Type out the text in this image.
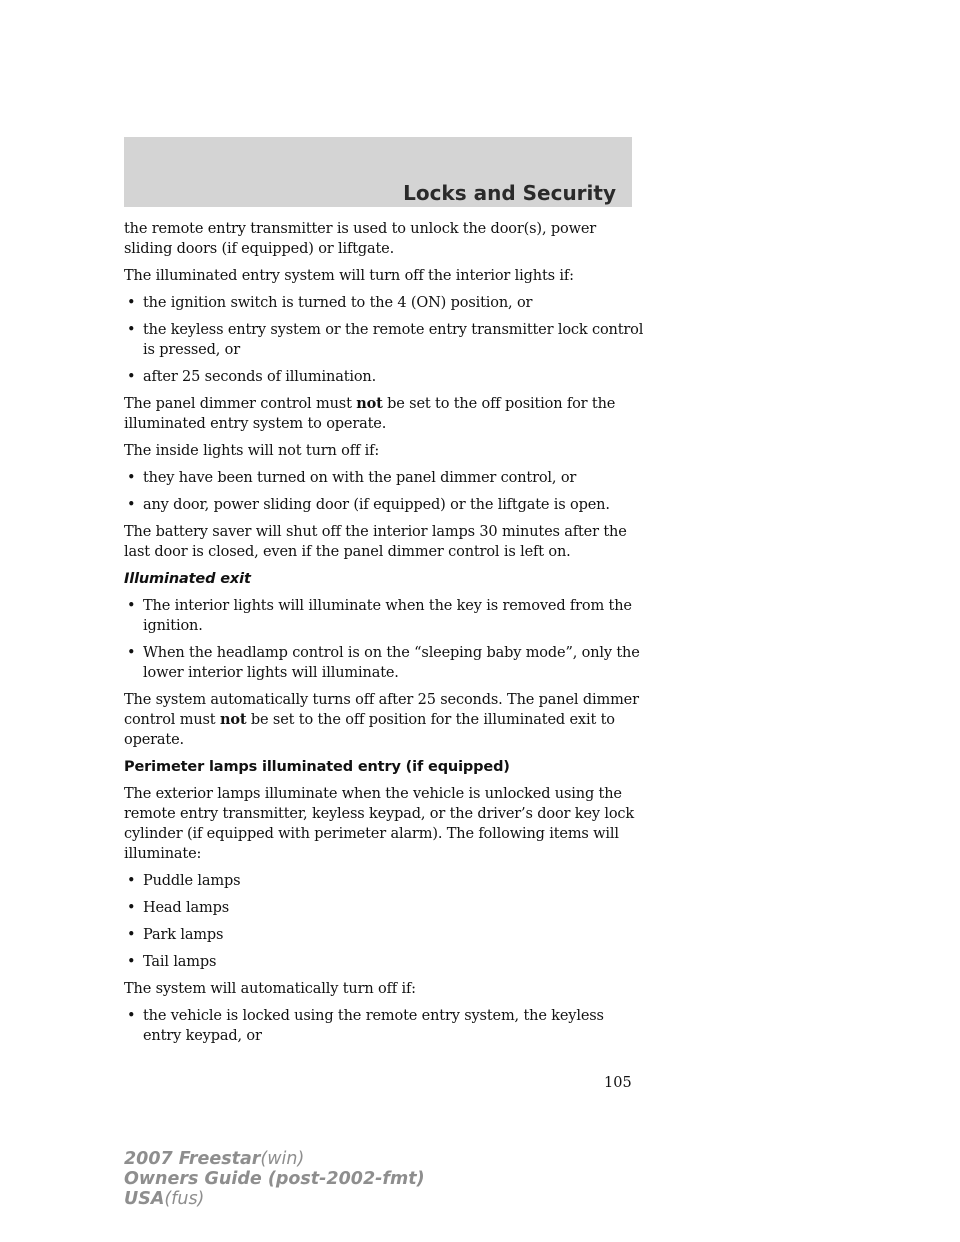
Locks and Security

the remote entry transmitter is used to unlock the door(s), power sliding doors (if equipped) or liftgate.

The illuminated entry system will turn off the interior lights if:

• the ignition switch is turned to the 4 (ON) position, or
• the keyless entry system or the remote entry transmitter lock control is pressed, or
• after 25 seconds of illumination.

The panel dimmer control must not be set to the off position for the illuminated entry system to operate.

The inside lights will not turn off if:

• they have been turned on with the panel dimmer control, or
• any door, power sliding door (if equipped) or the liftgate is open.

The battery saver will shut off the interior lamps 30 minutes after the last door is closed, even if the panel dimmer control is left on.

Illuminated exit
• The interior lights will illuminate when the key is removed from the ignition.
• When the headlamp control is on the “sleeping baby mode”, only the lower interior lights will illuminate.

The system automatically turns off after 25 seconds. The panel dimmer control must not be set to the off position for the illuminated exit to operate.

Perimeter lamps illuminated entry (if equipped)

The exterior lamps illuminate when the vehicle is unlocked using the remote entry transmitter, keyless keypad, or the driver’s door key lock cylinder (if equipped with perimeter alarm). The following items will illuminate:

• Puddle lamps
• Head lamps
• Park lamps
• Tail lamps

The system will automatically turn off if:

• the vehicle is locked using the remote entry system, the keyless entry keypad, or
105
2007 Freestar(win)
Owners Guide (post-2002-fmt)
USA(fus)
